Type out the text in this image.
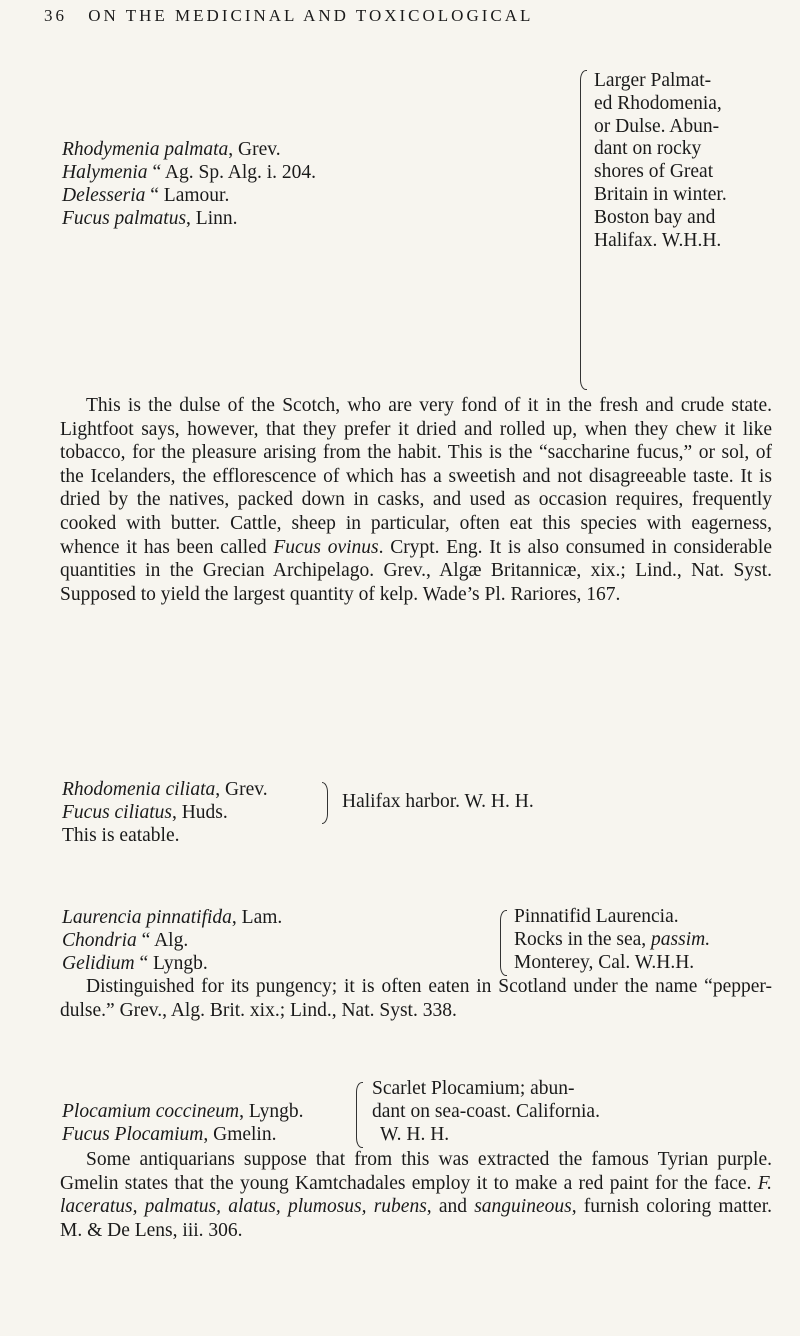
36 ON THE MEDICINAL AND TOXICOLOGICAL
Rhodymenia palmata, Grev.
Halymenia “ Ag. Sp. Alg. i. 204.
Delesseria “ Lamour.
Fucus palmatus, Linn.
Larger Palmat-
ed Rhodomenia,
or Dulse. Abun-
dant on rocky
shores of Great
Britain in winter.
Boston bay and
Halifax. W.H.H.
This is the dulse of the Scotch, who are very fond of it in the fresh and crude state. Lightfoot says, however, that they prefer it dried and rolled up, when they chew it like tobacco, for the pleasure arising from the habit. This is the “saccharine fucus,” or sol, of the Icelanders, the efflorescence of which has a sweetish and not disagreeable taste. It is dried by the natives, packed down in casks, and used as occasion requires, frequently cooked with butter. Cattle, sheep in particular, often eat this species with eagerness, whence it has been called Fucus ovinus. Crypt. Eng. It is also consumed in considerable quantities in the Grecian Archipelago. Grev., Algæ Britannicæ, xix.; Lind., Nat. Syst. Supposed to yield the largest quantity of kelp. Wade’s Pl. Rariores, 167.
Rhodomenia ciliata, Grev.
Fucus ciliatus, Huds.
Halifax harbor. W. H. H.
This is eatable.
Laurencia pinnatifida, Lam.
Chondria “ Alg.
Gelidium “ Lyngb.
Pinnatifid Laurencia.
Rocks in the sea, passim.
Monterey, Cal. W.H.H.
Distinguished for its pungency; it is often eaten in Scotland under the name “pepper-dulse.” Grev., Alg. Brit. xix.; Lind., Nat. Syst. 338.
Plocamium coccineum, Lyngb.
Fucus Plocamium, Gmelin.
Scarlet Plocamium; abun-
dant on sea-coast. California.
W. H. H.
Some antiquarians suppose that from this was extracted the famous Tyrian purple. Gmelin states that the young Kamtchadales employ it to make a red paint for the face. F. laceratus, palmatus, alatus, plumosus, rubens, and sanguineous, furnish coloring matter. M. & De Lens, iii. 306.
